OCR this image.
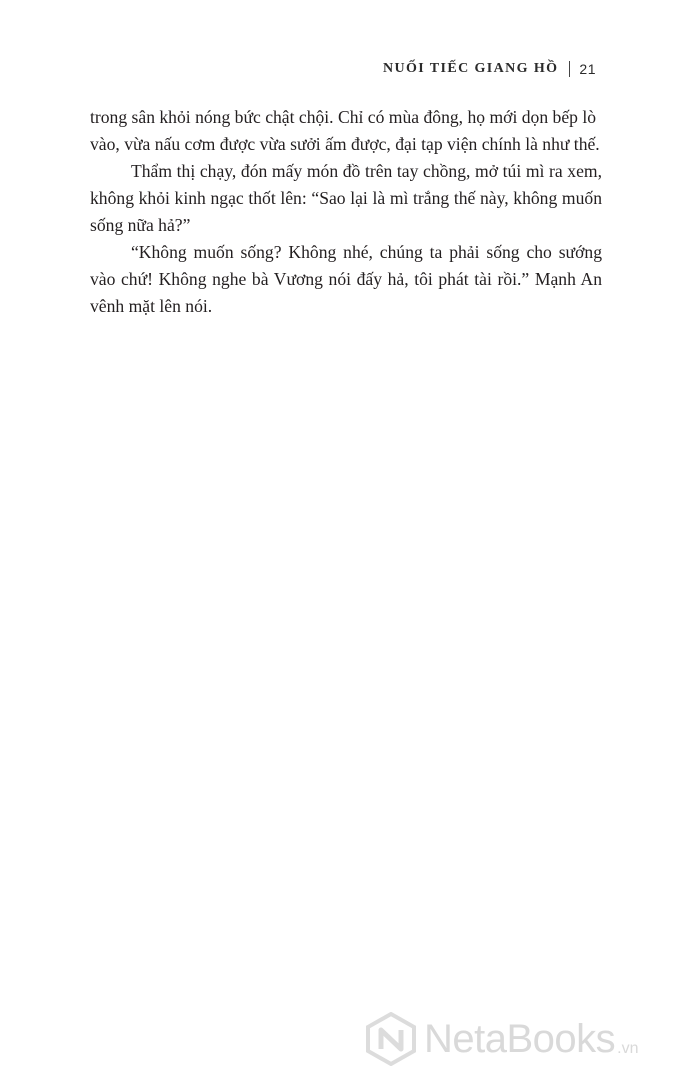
NUỐI TIẾC GIANG HỒ 21

trong sân khỏi nóng bức chật chội. Chỉ có mùa đông, họ mới dọn bếp lò vào, vừa nấu cơm được vừa sưởi ấm được, đại tạp viện chính là như thế.

Thẩm thị chạy, đón mấy món đồ trên tay chồng, mở túi mì ra xem, không khỏi kinh ngạc thốt lên: “Sao lại là mì trắng thế này, không muốn sống nữa hả?”

“Không muốn sống? Không nhé, chúng ta phải sống cho sướng vào chứ! Không nghe bà Vương nói đấy hả, tôi phát tài rồi.” Mạnh An vênh mặt lên nói.

NetaBooks .vn
